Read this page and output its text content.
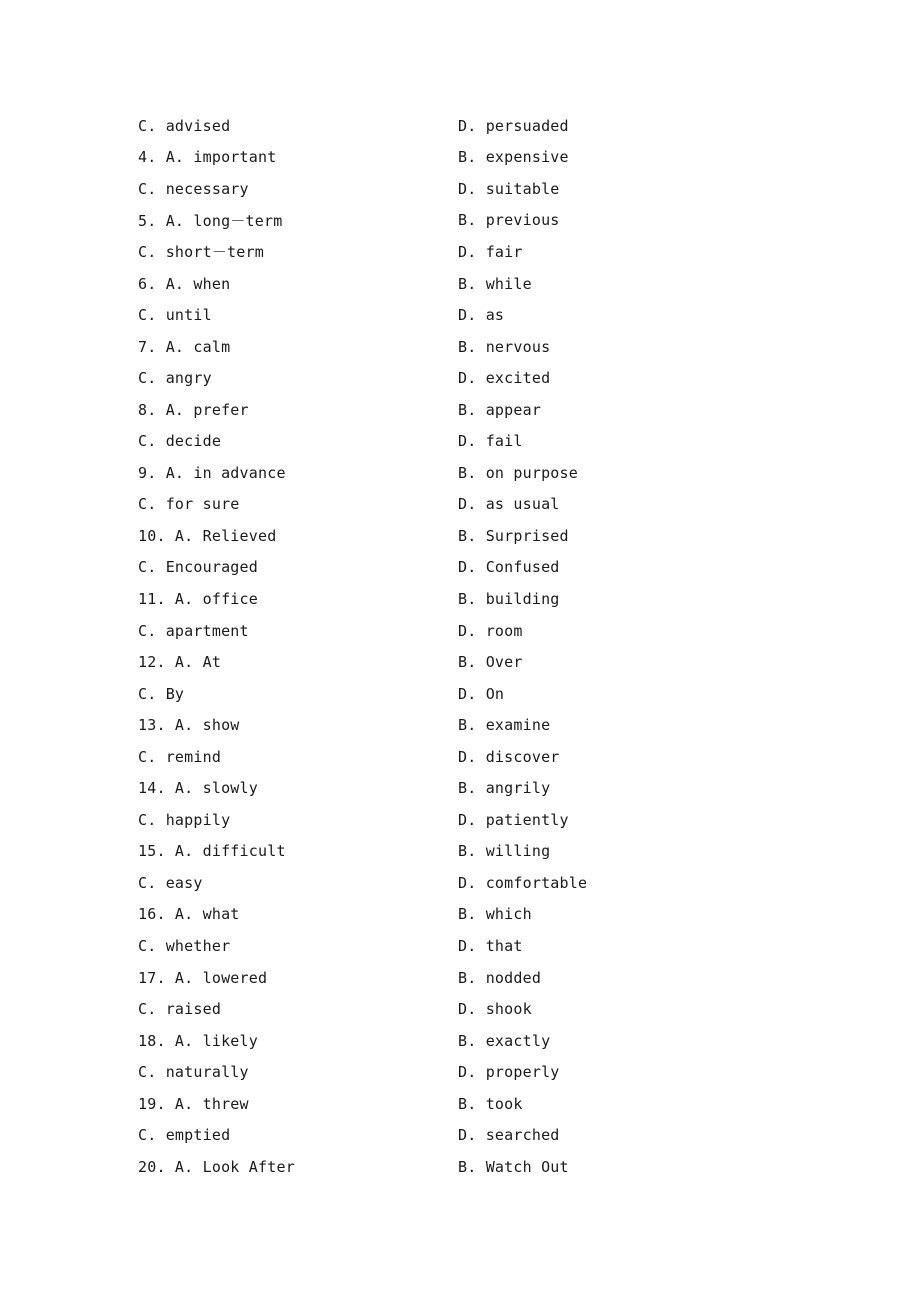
C. advised	D. persuaded
4. A. important	B. expensive
C. necessary	D. suitable
5. A. long－term	B. previous
C. short－term	D. fair
6. A. when	B. while
C. until	D. as
7. A. calm	B. nervous
C. angry	D. excited
8. A. prefer	B. appear
C. decide	D. fail
9. A. in advance	B. on purpose
C. for sure	D. as usual
10. A. Relieved	B. Surprised
C. Encouraged	D. Confused
11. A. office	B. building
C. apartment	D. room
12. A. At	B. Over
C. By	D. On
13. A. show	B. examine
C. remind	D. discover
14. A. slowly	B. angrily
C. happily	D. patiently
15. A. difficult	B. willing
C. easy	D. comfortable
16. A. what	B. which
C. whether	D. that
17. A. lowered	B. nodded
C. raised	D. shook
18. A. likely	B. exactly
C. naturally	D. properly
19. A. threw	B. took
C. emptied	D. searched
20. A. Look After	B. Watch Out
